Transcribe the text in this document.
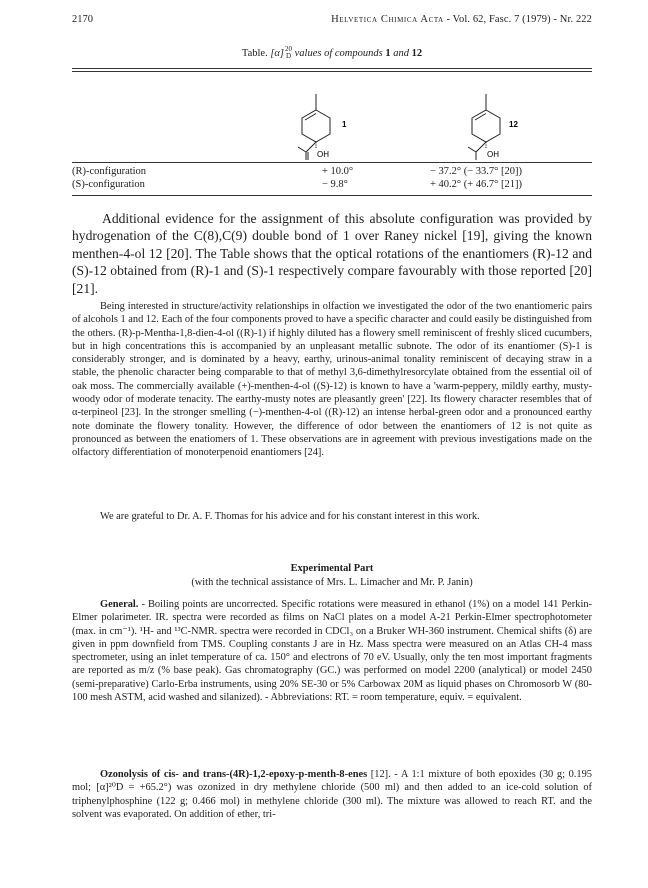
2170	Helvetica Chimica Acta - Vol. 62, Fasc. 7 (1979) - Nr. 222
Table. [α] 20
D values of compounds 1 and 12
OH
1
OH
12
(R)-configuration	+ 10.0°	− 37.2° (− 33.7° [20])
(S)-configuration	− 9.8°	+ 40.2° (+ 46.7° [21])
Additional evidence for the assignment of this absolute configuration was provided by hydrogenation of the C(8),C(9) double bond of 1 over Raney nickel [19], giving the known menthen-4-ol 12 [20]. The Table shows that the optical rotations of the enantiomers (R)-12 and (S)-12 obtained from (R)-1 and (S)-1 respectively compare favourably with those reported [20] [21].
Being interested in structure/activity relationships in olfaction we investigated the odor of the two enantiomeric pairs of alcohols 1 and 12. Each of the four components proved to have a specific character and could easily be distinguished from the others. (R)-p-Mentha-1,8-dien-4-ol ((R)-1) if highly diluted has a flowery smell reminiscent of freshly sliced cucumbers, but in high concentrations this is accompanied by an unpleasant metallic subnote. The odor of its enantiomer (S)-1 is considerably stronger, and is dominated by a heavy, earthy, urinous-animal tonality reminiscent of decaying straw in a stable, the phenolic character being comparable to that of methyl 3,6-dimethylresorcylate obtained from the essential oil of oak moss. The commercially available (+)-menthen-4-ol ((S)-12) is known to have a 'warm-peppery, mildly earthy, musty-woody odor of moderate tenacity. The earthy-musty notes are pleasantly green' [22]. Its flowery character resembles that of α-terpineol [23]. In the stronger smelling (−)-menthen-4-ol ((R)-12) an intense herbal-green odor and a pronounced earthy note dominate the flowery tonality. However, the difference of odor between the enantiomers of 12 is not quite as pronounced as between the enatiomers of 1. These observations are in agreement with previous investigations made on the olfactory differentiation of monoterpenoid enantiomers [24].
We are grateful to Dr. A. F. Thomas for his advice and for his constant interest in this work.
Experimental Part
(with the technical assistance of Mrs. L. Limacher and Mr. P. Janin)
General. - Boiling points are uncorrected. Specific rotations were measured in ethanol (1%) on a model 141 Perkin-Elmer polarimeter. IR. spectra were recorded as films on NaCl plates on a model A-21 Perkin-Elmer spectrophotometer (max. in cm⁻¹). ¹H- and ¹³C-NMR. spectra were recorded in CDCl₃ on a Bruker WH-360 instrument. Chemical shifts (δ) are given in ppm downfield from TMS. Coupling constants J are in Hz. Mass spectra were measured on an Atlas CH-4 mass spectrometer, using an inlet temperature of ca. 150° and electrons of 70 eV. Usually, only the ten most important fragments are reported as m/z (% base peak). Gas chromatography (GC.) was performed on model 2200 (analytical) or model 2450 (semi-preparative) Carlo-Erba instruments, using 20% SE-30 or 5% Carbowax 20M as liquid phases on Chromosorb W (80-100 mesh ASTM, acid washed and silanized). - Abbreviations: RT. = room temperature, equiv. = equivalent.
Ozonolysis of cis- and trans-(4R)-1,2-epoxy-p-menth-8-enes [12]. - A 1:1 mixture of both epoxides (30 g; 0.195 mol; [α]²⁰D = +65.2°) was ozonized in dry methylene chloride (500 ml) and then added to an ice-cold solution of triphenylphosphine (122 g; 0.466 mol) in methylene chloride (300 ml). The mixture was allowed to reach RT. and the solvent was evaporated. On addition of ether, tri-
